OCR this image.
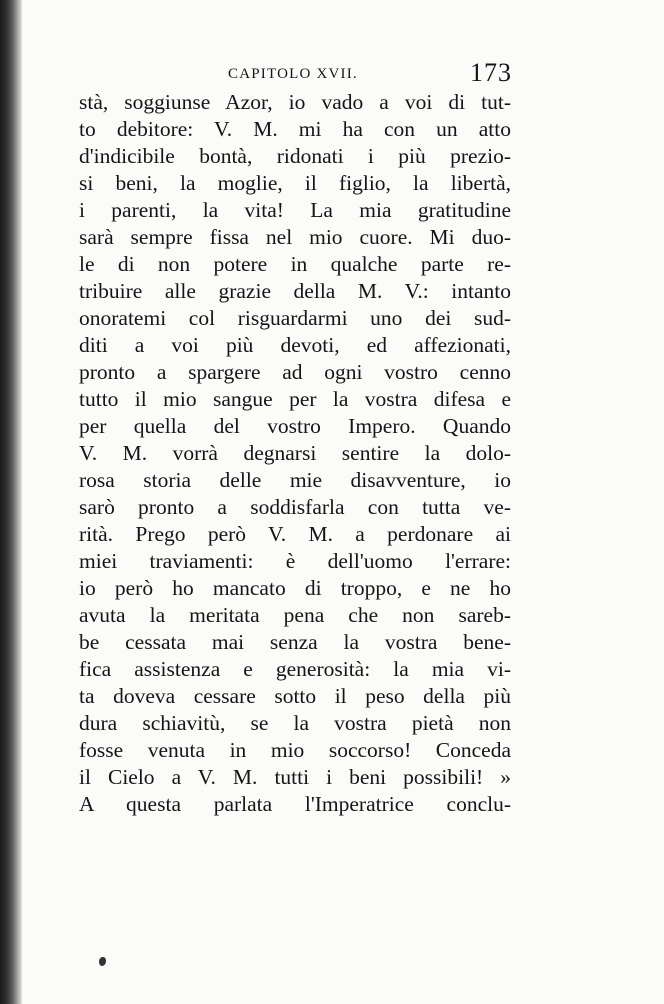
CAPITOLO XVII.	173
stà, soggiunse Azor, io vado a voi di tut-
to debitore: V. M. mi ha con un atto
d'indicibile bontà, ridonati i più prezio-
si beni, la moglie, il figlio, la libertà,
i parenti, la vita! La mia gratitudine
sarà sempre fissa nel mio cuore. Mi duo-
le di non potere in qualche parte re-
tribuire alle grazie della M. V.: intanto
onoratemi col risguardarmi uno dei sud-
diti a voi più devoti, ed affezionati,
pronto a spargere ad ogni vostro cenno
tutto il mio sangue per la vostra difesa e
per quella del vostro Impero. Quando
V. M. vorrà degnarsi sentire la dolo-
rosa storia delle mie disavventure, io
sarò pronto a soddisfarla con tutta ve-
rità. Prego però V. M. a perdonare ai
miei traviamenti: è dell'uomo l'errare:
io però ho mancato di troppo, e ne ho
avuta la meritata pena che non sareb-
be cessata mai senza la vostra bene-
fica assistenza e generosità: la mia vi-
ta doveva cessare sotto il peso della più
dura schiavitù, se la vostra pietà non
fosse venuta in mio soccorso! Conceda
il Cielo a V. M. tutti i beni possibili! »
A questa parlata l'Imperatrice conclu-
